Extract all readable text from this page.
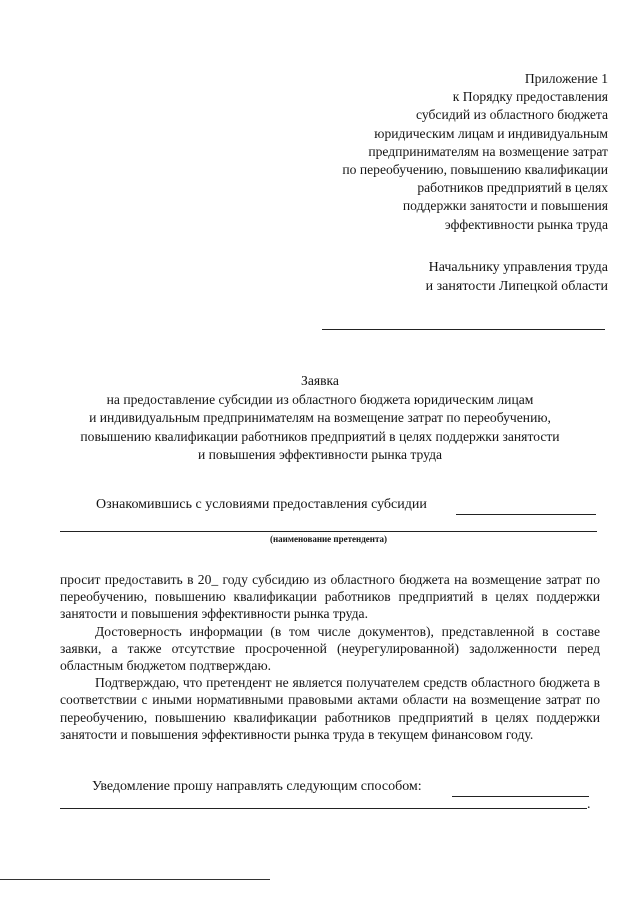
Приложение 1
к Порядку предоставления
субсидий из областного бюджета
юридическим лицам и индивидуальным
предпринимателям на возмещение затрат
по переобучению, повышению квалификации
работников предприятий в целях
поддержки занятости и повышения
эффективности рынка труда
Начальнику управления труда
и занятости Липецкой области
Заявка
на предоставление субсидии из областного бюджета юридическим лицам
и индивидуальным предпринимателям на возмещение затрат по переобучению,
повышению квалификации работников предприятий в целях поддержки занятости
и повышения эффективности рынка труда
Ознакомившись с условиями предоставления субсидии
(наименование претендента)

просит предоставить в 20_ году субсидию из областного бюджета на возмещение затрат по переобучению, повышению квалификации работников предприятий в целях поддержки занятости и повышения эффективности рынка труда.

Достоверность информации (в том числе документов), представленной в составе заявки, а также отсутствие просроченной (неурегулированной) задолженности перед областным бюджетом подтверждаю.

Подтверждаю, что претендент не является получателем средств областного бюджета в соответствии с иными нормативными правовыми актами области на возмещение затрат по переобучению, повышению квалификации работников предприятий в целях поддержки занятости и повышения эффективности рынка труда в текущем финансовом году.

Уведомление прошу направлять следующим способом:
.
